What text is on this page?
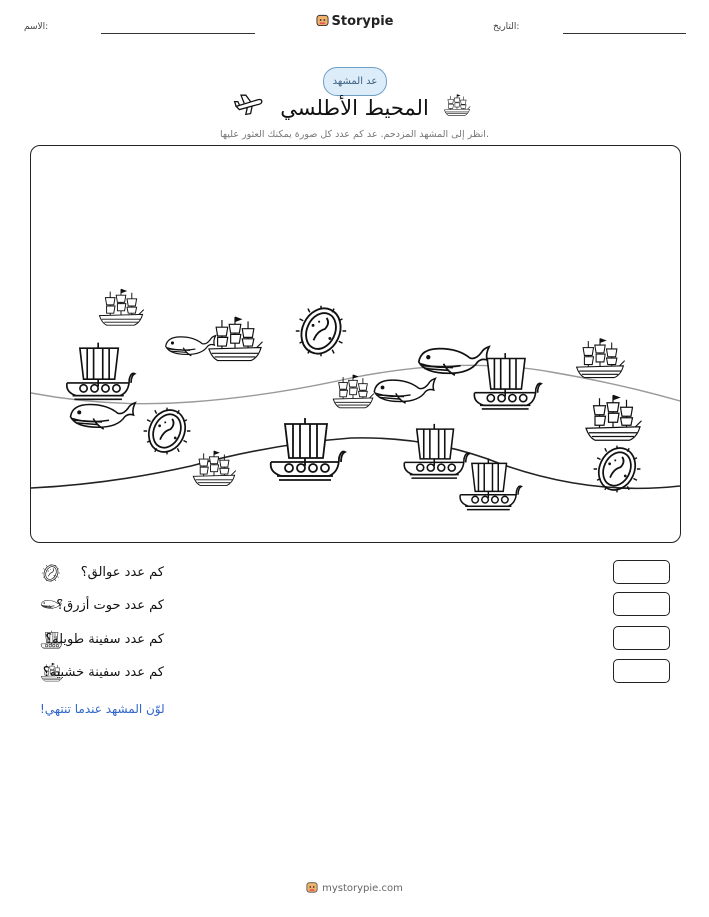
الاسم:	Storypie	التاريخ:
عد المشهد
المحيط الأطلسي
انظر إلى المشهد المزدحم. عد كم عدد كل صورة يمكنك العثور عليها.
كم عدد عوالق؟
كم عدد حوت أزرق؟
كم عدد سفينة طويلة؟
كم عدد سفينة خشبية؟
لوّن المشهد عندما تنتهي!
mystorypie.com
